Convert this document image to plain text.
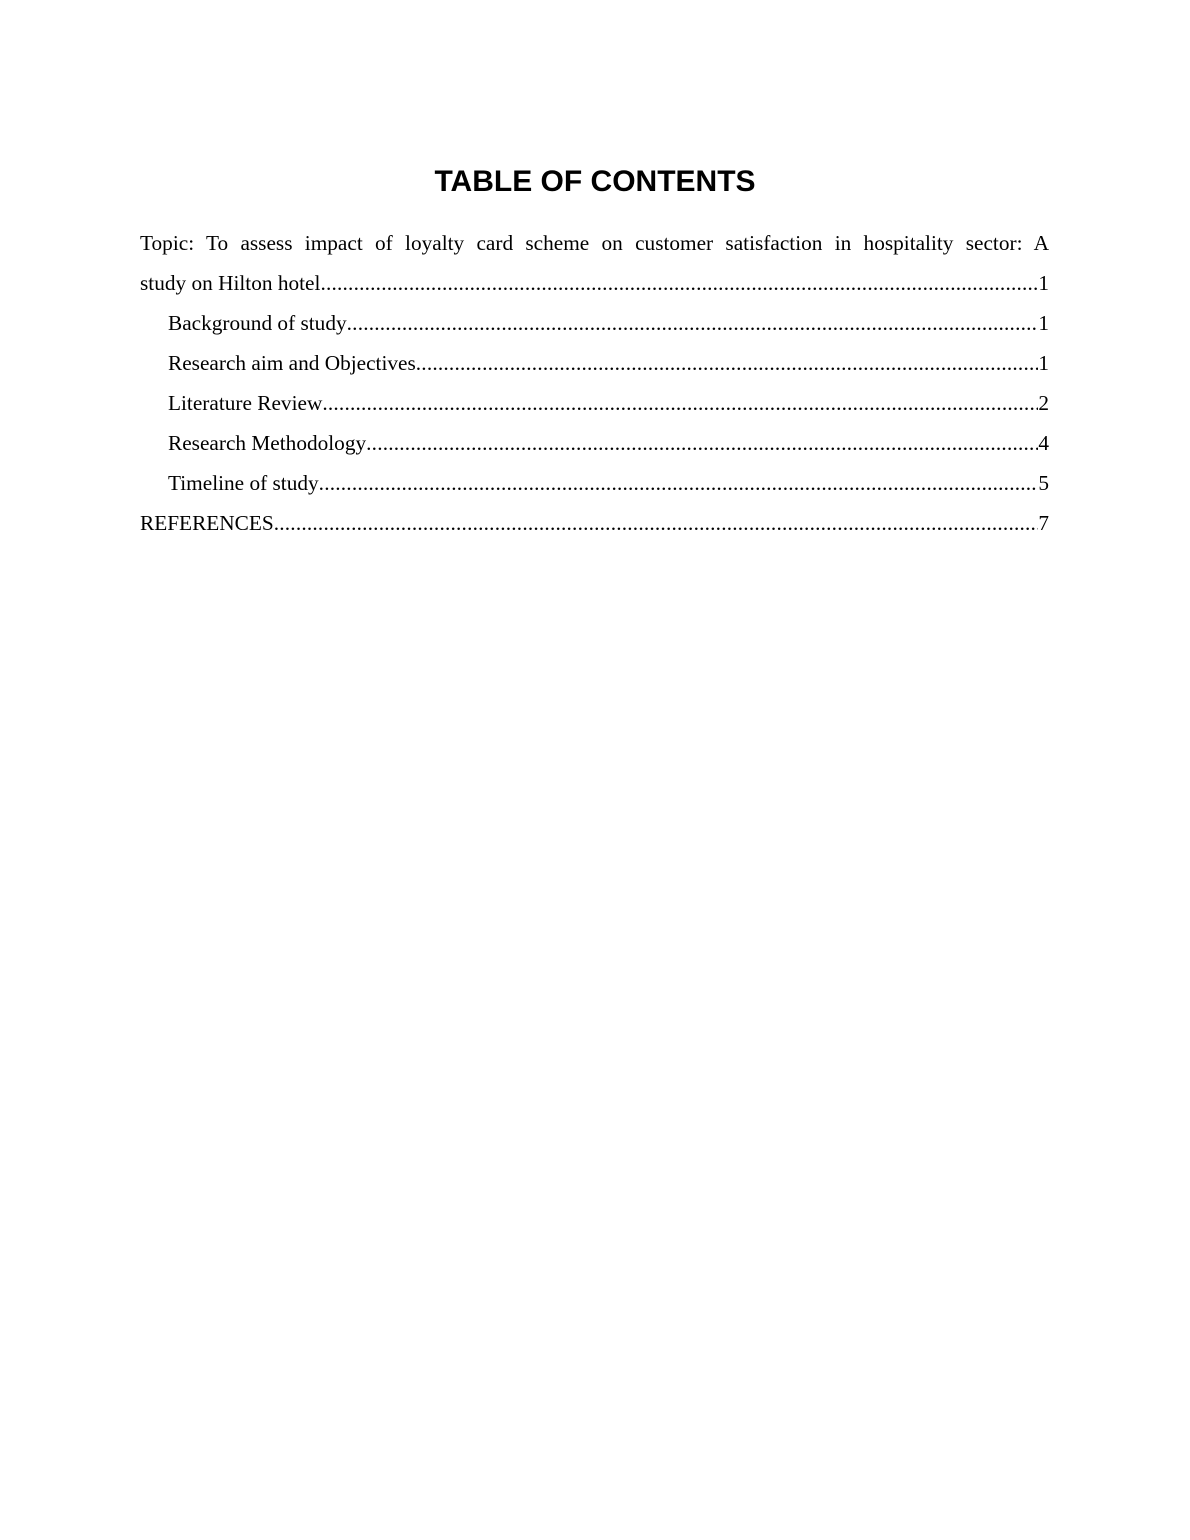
TABLE OF CONTENTS
Topic: To assess impact of loyalty card scheme on customer satisfaction in hospitality sector: A
study on Hilton hotel .....	1
Background of study .....	1
Research aim and Objectives .....	1
Literature Review .....	2
Research Methodology .....	4
Timeline of study .....	5
REFERENCES .....	7
